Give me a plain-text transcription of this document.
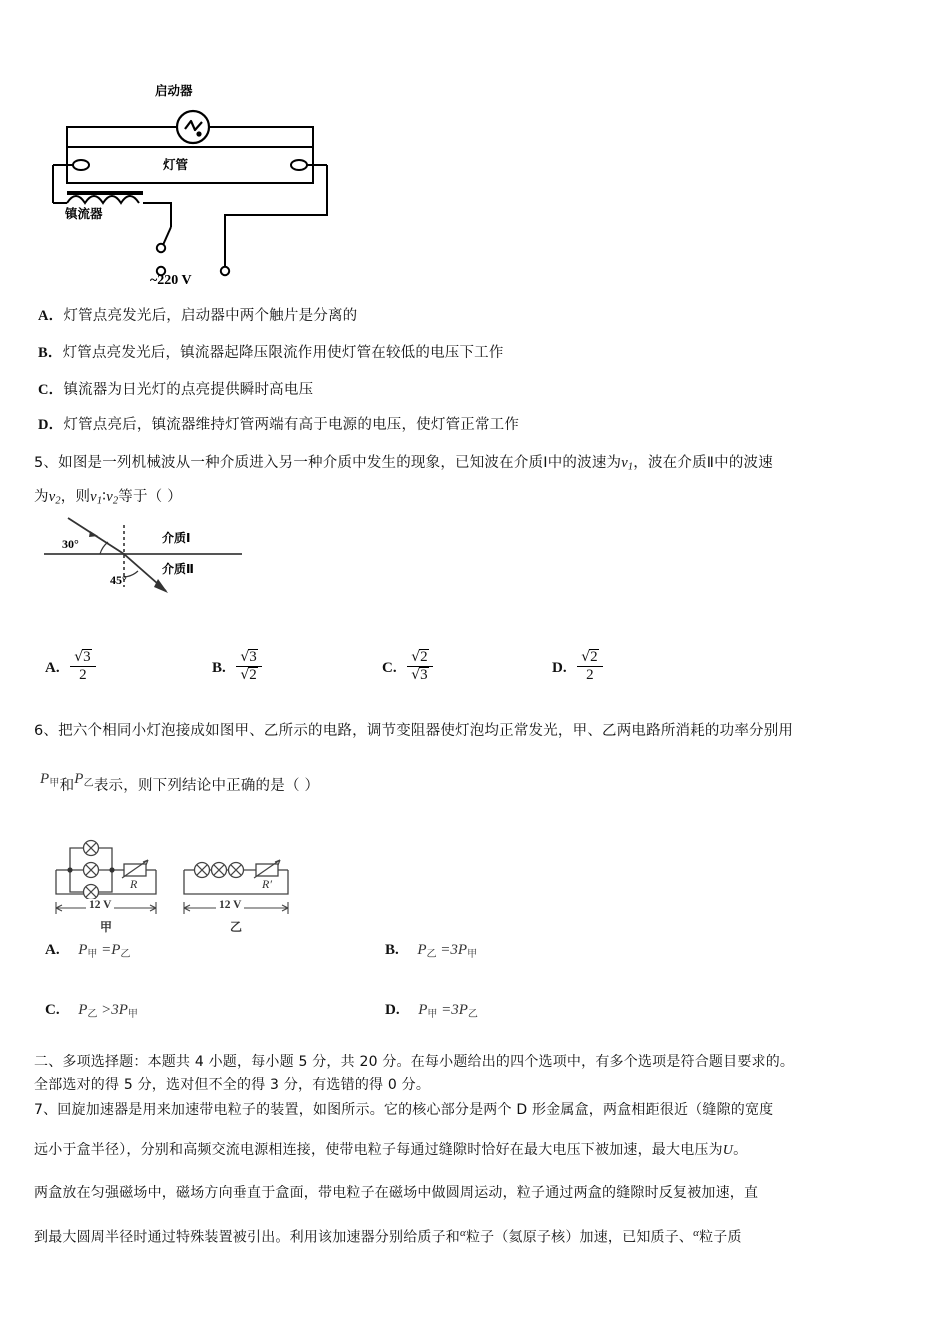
启动器
灯管
镇流器
~220 V
A．灯管点亮发光后，启动器中两个触片是分离的
B．灯管点亮发光后，镇流器起降压限流作用使灯管在较低的电压下工作
C．镇流器为日光灯的点亮提供瞬时高电压
D．灯管点亮后，镇流器维持灯管两端有高于电源的电压，使灯管正常工作
5、如图是一列机械波从一种介质进入另一种介质中发生的现象，已知波在介质Ⅰ中的波速为$v_1$，波在介质Ⅱ中的波速
为$v_2$，则$v_1∶v_2$等于（ ）
30°
45°
介质Ⅰ
介质Ⅱ
A. $\frac{√3}{2}$	B. $\frac{√3}{√2}$	C. $\frac{√2}{√3}$	D. $\frac{√2}{2}$
6、把六个相同小灯泡接成如图甲、乙所示的电路，调节变阻器使灯泡均正常发光，甲、乙两电路所消耗的功率分别用
$P_甲$和$P_乙$表示，则下列结论中正确的是（ ）
R	R′
12 V	12 V
甲	乙
A. $P_甲 =P_乙$	B. $P_乙 =3P_甲$
C. $P_乙 >3P_甲$	D. $P_甲 =3P_乙$
二、多项选择题：本题共 4 小题，每小题 5 分，共 20 分。在每小题给出的四个选项中，有多个选项是符合题目要求的。
全部选对的得 5 分，选对但不全的得 3 分，有选错的得 0 分。
7、回旋加速器是用来加速带电粒子的装置，如图所示。它的核心部分是两个 D 形金属盒，两盒相距很近（缝隙的宽度
远小于盒半径），分别和高频交流电源相连接，使带电粒子每通过缝隙时恰好在最大电压下被加速，最大电压为U。
两盒放在匀强磁场中，磁场方向垂直于盒面，带电粒子在磁场中做圆周运动，粒子通过两盒的缝隙时反复被加速，直
到最大圆周半径时通过特殊装置被引出。利用该加速器分别给质子和$^\alpha$粒子（氦原子核）加速，已知质子、$^\alpha$粒子质
